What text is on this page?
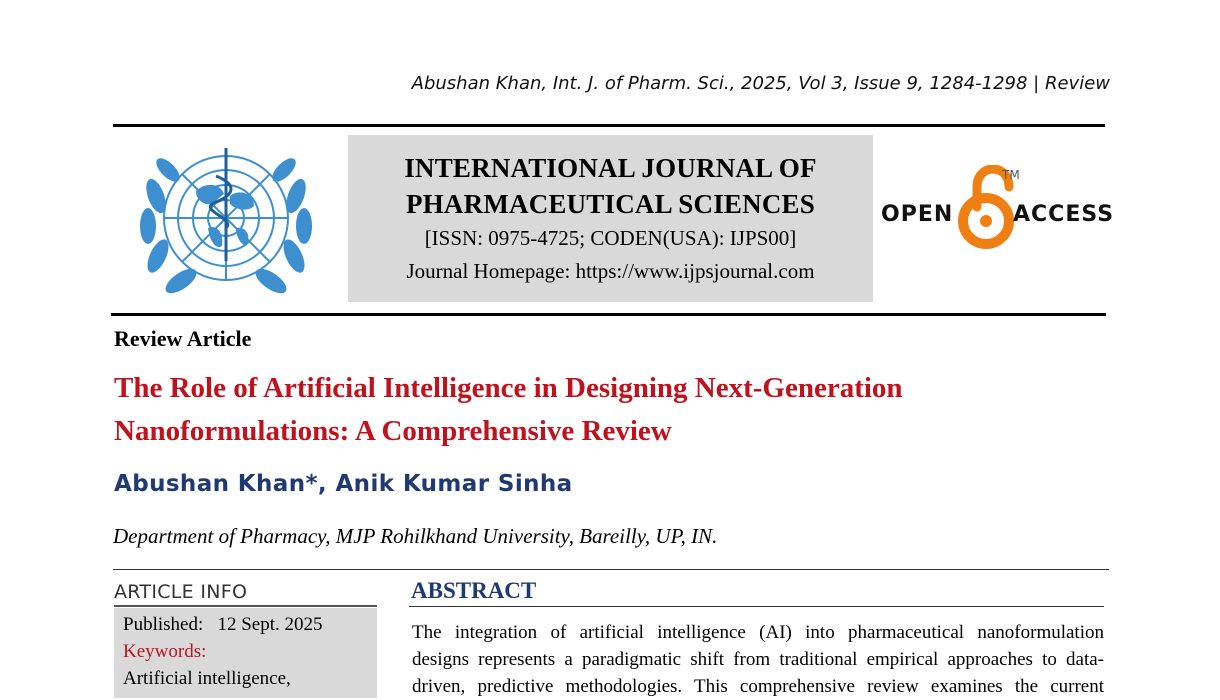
Abushan Khan, Int. J. of Pharm. Sci., 2025, Vol 3, Issue 9, 1284-1298 | Review
INTERNATIONAL JOURNAL OF
PHARMACEUTICAL SCIENCES
[ISSN: 0975-4725; CODEN(USA): IJPS00]
Journal Homepage: https://www.ijpsjournal.com
OPEN
TM
ACCESS
Review Article
The Role of Artificial Intelligence in Designing Next-Generation
Nanoformulations: A Comprehensive Review
Abushan Khan*, Anik Kumar Sinha
Department of Pharmacy, MJP Rohilkhand University, Bareilly, UP, IN.
ARTICLE INFO
Published: 12 Sept. 2025
Keywords:
Artificial intelligence,
ABSTRACT
The integration of artificial intelligence (AI) into pharmaceutical nanoformulation
designs represents a paradigmatic shift from traditional empirical approaches to data-
driven, predictive methodologies. This comprehensive review examines the current
